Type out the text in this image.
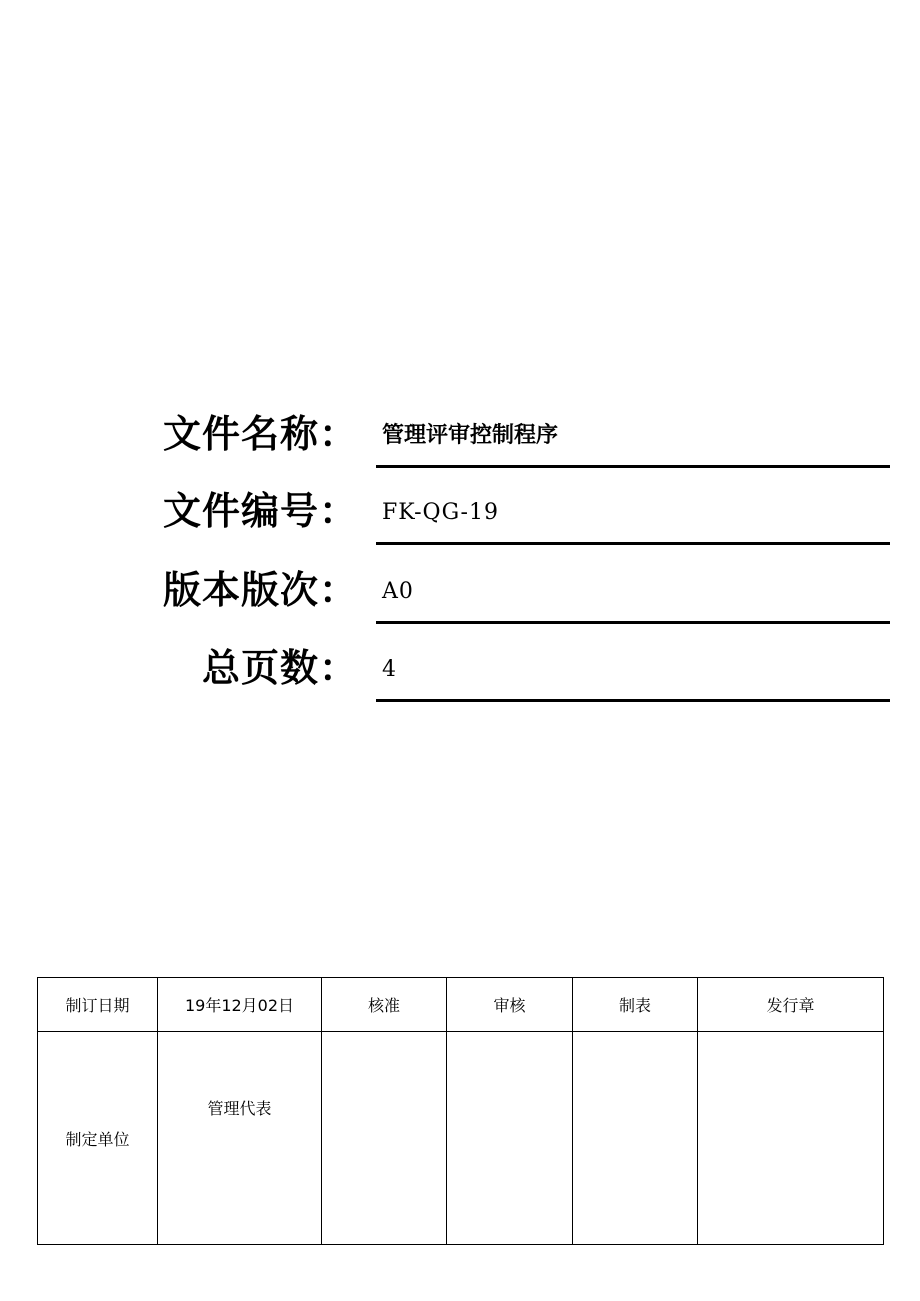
文件名称： 管理评审控制程序
文件编号： FK-QG-19
版本版次： A0
总页数： 4
制订日期	19年12月02日	核准	审核	制表	发行章
制定单位	管理代表				
